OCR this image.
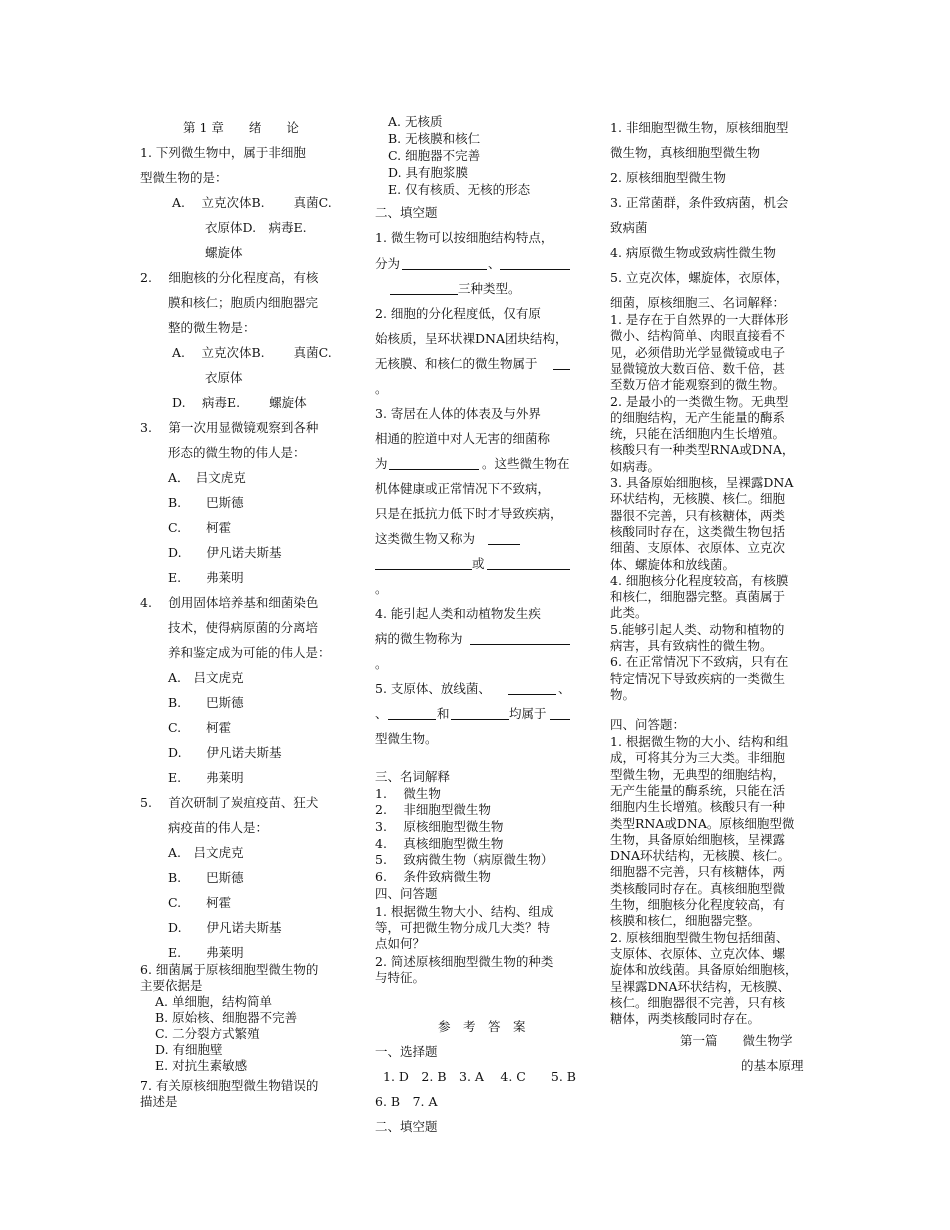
第 1 章　　绪　　论
1. 下列微生物中，属于非细胞
型微生物的是：
A.　 立克次体B.　　 真菌C.
衣原体D.　病毒E.
螺旋体
2.　 细胞核的分化程度高，有核
膜和核仁；胞质内细胞器完
整的微生物是：
A.　 立克次体B.　　 真菌C.
衣原体
D.　 病毒E.　　 螺旋体
3.　 第一次用显微镜观察到各种
形态的微生物的伟人是：
A．　吕文虎克
B.　　巴斯德
C.　　柯霍
D.　　伊凡诺夫斯基
E.　　弗莱明
4.　 创用固体培养基和细菌染色
技术，使得病原菌的分离培
养和鉴定成为可能的伟人是：
A.　吕文虎克
B.　　巴斯德
C.　　柯霍
D.　　伊凡诺夫斯基
E.　　弗莱明
5.　 首次研制了炭疽疫苗、狂犬
病疫苗的伟人是：
A.　吕文虎克
B.　　巴斯德
C.　　柯霍
D.　　伊凡诺夫斯基
E.　　弗莱明
6. 细菌属于原核细胞型微生物的
主要依据是
A. 单细胞，结构简单
B. 原始核、细胞器不完善
C. 二分裂方式繁殖
D. 有细胞壁
E. 对抗生素敏感
7. 有关原核细胞型微生物错误的
描述是
A. 无核质
B. 无核膜和核仁
C. 细胞器不完善
D. 具有胞浆膜
E. 仅有核质、无核的形态
二、填空题
1. 微生物可以按细胞结构特点，
分为	、
三种类型。
2. 细胞的分化程度低，仅有原
始核质，呈环状裸DNA团块结构，
无核膜、和核仁的微生物属于
。
3. 寄居在人体的体表及与外界
相通的腔道中对人无害的细菌称
为	。这些微生物在
机体健康或正常情况下不致病，
只是在抵抗力低下时才导致疾病，
这类微生物又称为
或
。
4. 能引起人类和动植物发生疾
病的微生物称为
。
5. 支原体、放线菌、	、
、	和	均属于
型微生物。
三、名词解释
1.　 微生物
2.　 非细胞型微生物
3.　 原核细胞型微生物
4.　 真核细胞型微生物
5.　 致病微生物（病原微生物）
6.　 条件致病微生物
四、问答题
1. 根据微生物大小、结构、组成
等，可把微生物分成几大类？特
点如何？
2. 简述原核细胞型微生物的种类
与特征。
参　考　答　案
一、选择题
1. D　2. B　3. A　 4. C　　5. B
6. B　7. A
二、填空题
1. 非细胞型微生物，原核细胞型
微生物，真核细胞型微生物
2. 原核细胞型微生物
3. 正常菌群，条件致病菌，机会
致病菌
4. 病原微生物或致病性微生物
5. 立克次体，螺旋体，衣原体，
细菌，原核细胞三、名词解释：
1. 是存在于自然界的一大群体形
微小、结构简单、肉眼直接看不
见，必须借助光学显微镜或电子
显微镜放大数百倍、数千倍，甚
至数万倍才能观察到的微生物。
2. 是最小的一类微生物。无典型
的细胞结构，无产生能量的酶系
统，只能在活细胞内生长增殖。
核酸只有一种类型RNA或DNA，
如病毒。
3. 具备原始细胞核，呈裸露DNA
环状结构，无核膜、核仁。细胞
器很不完善，只有核糖体，两类
核酸同时存在，这类微生物包括
细菌、支原体、衣原体、立克次
体、螺旋体和放线菌。
4. 细胞核分化程度较高，有核膜
和核仁，细胞器完整。真菌属于
此类。
5.能够引起人类、动物和植物的
病害，具有致病性的微生物。
6. 在正常情况下不致病，只有在
特定情况下导致疾病的一类微生
物。
四、问答题：
1. 根据微生物的大小、结构和组
成，可将其分为三大类。非细胞
型微生物，无典型的细胞结构，
无产生能量的酶系统，只能在活
细胞内生长增殖。核酸只有一种
类型RNA或DNA。原核细胞型微
生物，具备原始细胞核，呈裸露
DNA环状结构，无核膜、核仁。
细胞器不完善，只有核糖体，两
类核酸同时存在。真核细胞型微
生物，细胞核分化程度较高，有
核膜和核仁，细胞器完整。
2. 原核细胞型微生物包括细菌、
支原体、衣原体、立克次体、螺
旋体和放线菌。具备原始细胞核，
呈裸露DNA环状结构，无核膜、
核仁。细胞器很不完善，只有核
糖体，两类核酸同时存在。
第一篇　　微生物学
的基本原理
